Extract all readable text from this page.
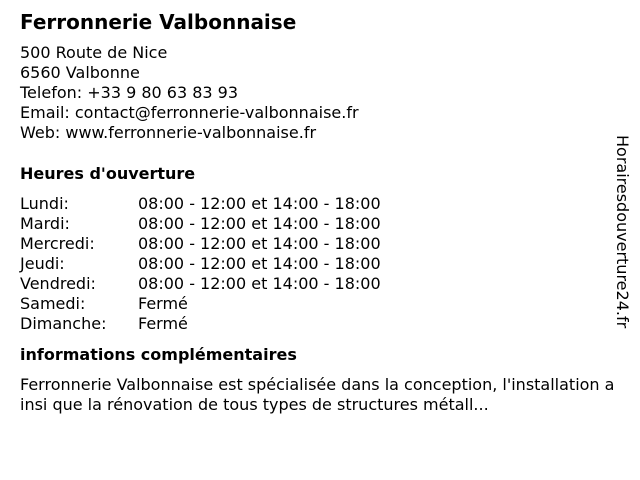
Ferronnerie Valbonnaise
500 Route de Nice
6560 Valbonne
Telefon: +33 9 80 63 83 93
Email: contact@ferronnerie-valbonnaise.fr
Web: www.ferronnerie-valbonnaise.fr
Heures d'ouverture
Lundi:	08:00 - 12:00 et 14:00 - 18:00
Mardi:	08:00 - 12:00 et 14:00 - 18:00
Mercredi:	08:00 - 12:00 et 14:00 - 18:00
Jeudi:	08:00 - 12:00 et 14:00 - 18:00
Vendredi:	08:00 - 12:00 et 14:00 - 18:00
Samedi:	Fermé
Dimanche:	Fermé
informations complémentaires
Ferronnerie Valbonnaise est spécialisée dans la conception, l'installation ainsi que la rénovation de tous types de structures métall...
Horairesdouverture24.fr
